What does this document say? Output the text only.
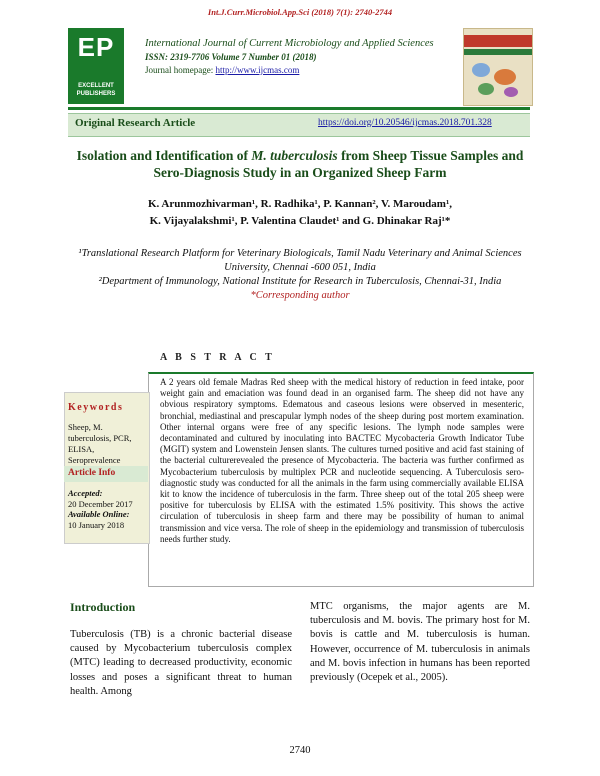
Int.J.Curr.Microbiol.App.Sci (2018) 7(1): 2740-2744
EP
EXCELLENT PUBLISHERS
International Journal of Current Microbiology and Applied Sciences
ISSN: 2319-7706 Volume 7 Number 01 (2018)
Journal homepage: http://www.ijcmas.com
Original Research Article	https://doi.org/10.20546/ijcmas.2018.701.328
Isolation and Identification of M. tuberculosis from Sheep Tissue Samples and Sero-Diagnosis Study in an Organized Sheep Farm
K. Arunmozhivarman¹, R. Radhika¹, P. Kannan², V. Maroudam¹,
K. Vijayalakshmi¹, P. Valentina Claudet¹ and G. Dhinakar Raj¹*
¹Translational Research Platform for Veterinary Biologicals, Tamil Nadu Veterinary and Animal Sciences University, Chennai -600 051, India
²Department of Immunology, National Institute for Research in Tuberculosis, Chennai-31, India
*Corresponding author
A B S T R A C T
A 2 years old female Madras Red sheep with the medical history of reduction in feed intake, poor weight gain and emaciation was found dead in an organised farm. The sheep did not have any obvious respiratory symptoms. Edematous and caseous lesions were observed in mesenteric, bronchial, mediastinal and prescapular lymph nodes of the sheep during post mortem examination. Other internal organs were free of any specific lesions. The lymph node samples were decontaminated and cultured by inoculating into BACTEC Mycobacteria Growth Indicator Tube (MGIT) system and Lowenstein Jensen slants. The cultures turned positive and acid fast staining of the bacterial culturerevealed the presence of Mycobacteria. The bacteria was further confirmed as Mycobacterium tuberculosis by multiplex PCR and nucleotide sequencing. A Tuberculosis sero-diagnostic study was conducted for all the animals in the farm using commercially available ELISA kit to know the incidence of tuberculosis in the farm. Three sheep out of the total 205 sheep were positive for tuberculosis by ELISA with the estimated 1.5% positivity. This shows the active circulation of tuberculosis in sheep farm and there may be possibility of human to animal transmission and vice versa. The role of sheep in the epidemiology and transmission of tuberculosis needs further study.
Keywords
Sheep, M. tuberculosis, PCR, ELISA, Seroprevalence
Article Info
Accepted:
20 December 2017
Available Online:
10 January 2018
Introduction
Tuberculosis (TB) is a chronic bacterial disease caused by Mycobacterium tuberculosis complex (MTC) leading to decreased productivity, economic losses and poses a significant threat to human health. Among
MTC organisms, the major agents are M. tuberculosis and M. bovis. The primary host for M. bovis is cattle and M. tuberculosis is human. However, occurrence of M. tuberculosis in animals and M. bovis infection in humans has been reported previously (Ocepek et al., 2005).
2740
